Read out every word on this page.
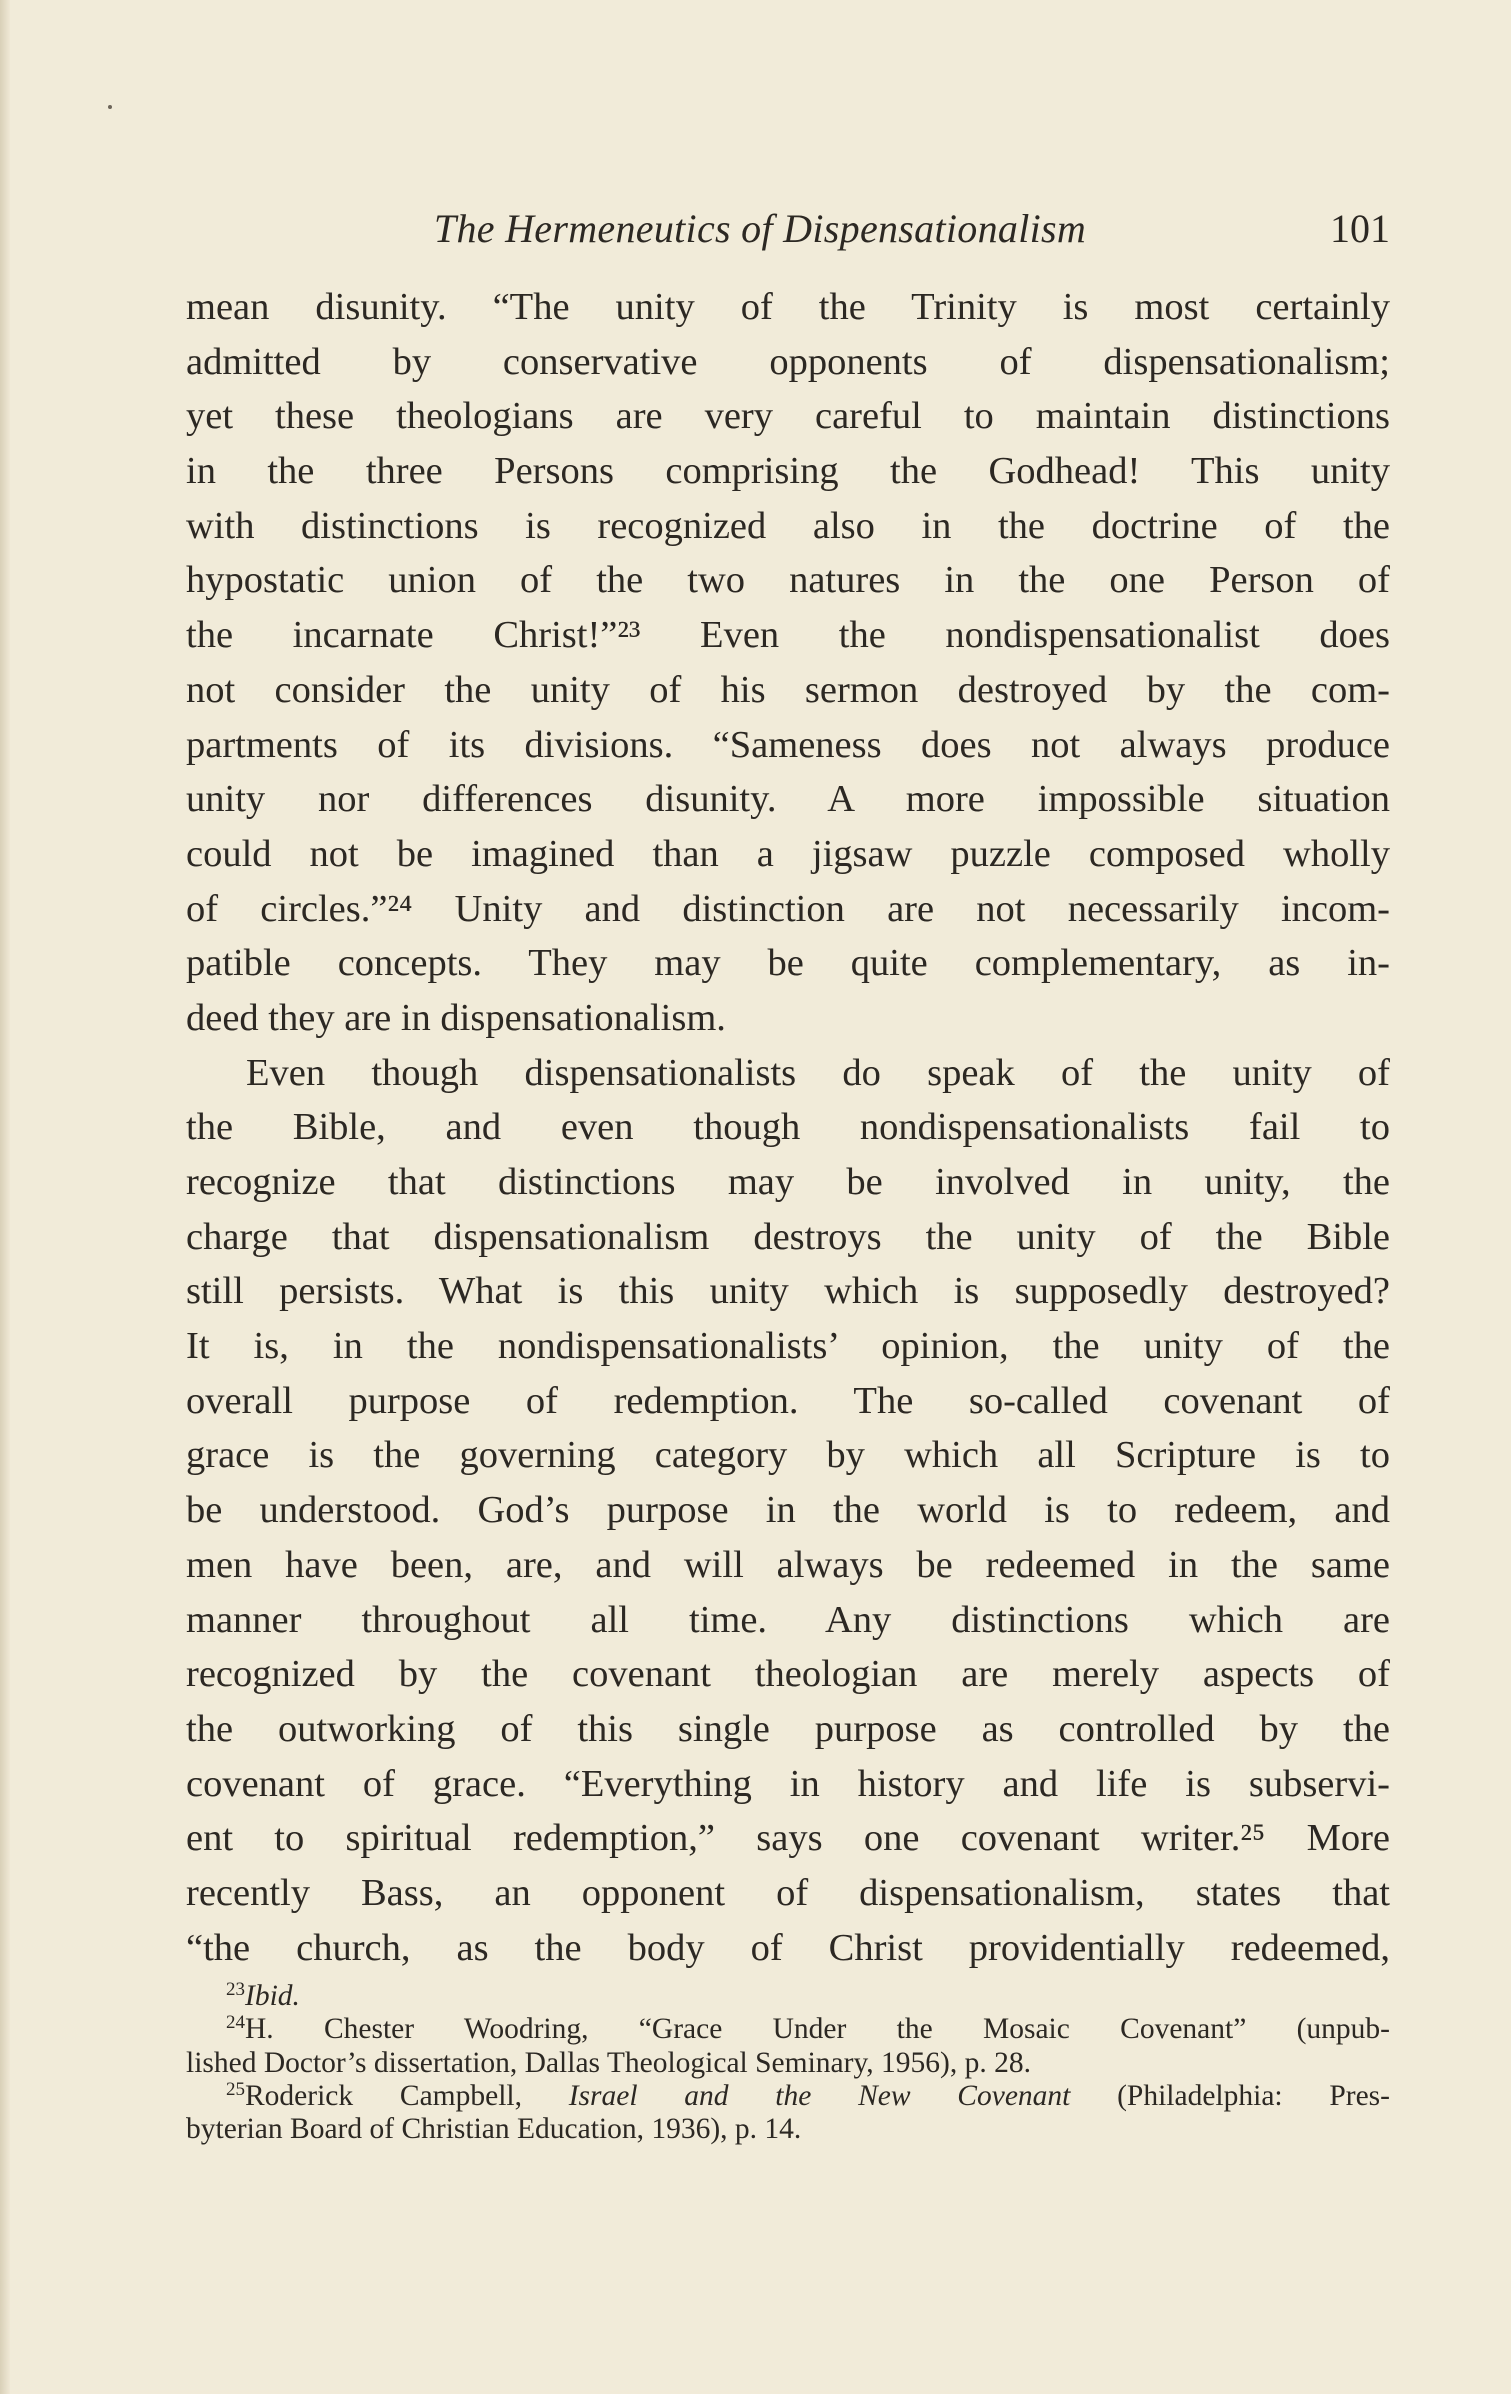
The Hermeneutics of Dispensationalism	101
mean disunity. “The unity of the Trinity is most certainly
admitted by conservative opponents of dispensationalism;
yet these theologians are very careful to maintain distinctions
in the three Persons comprising the Godhead! This unity
with distinctions is recognized also in the doctrine of the
hypostatic union of the two natures in the one Person of
the incarnate Christ!”²³ Even the nondispensationalist does
not consider the unity of his sermon destroyed by the com-
partments of its divisions. “Sameness does not always produce
unity nor differences disunity. A more impossible situation
could not be imagined than a jigsaw puzzle composed wholly
of circles.”²⁴ Unity and distinction are not necessarily incom-
patible concepts. They may be quite complementary, as in-
deed they are in dispensationalism.
Even though dispensationalists do speak of the unity of
the Bible, and even though nondispensationalists fail to
recognize that distinctions may be involved in unity, the
charge that dispensationalism destroys the unity of the Bible
still persists. What is this unity which is supposedly destroyed?
It is, in the nondispensationalists’ opinion, the unity of the
overall purpose of redemption. The so-called covenant of
grace is the governing category by which all Scripture is to
be understood. God’s purpose in the world is to redeem, and
men have been, are, and will always be redeemed in the same
manner throughout all time. Any distinctions which are
recognized by the covenant theologian are merely aspects of
the outworking of this single purpose as controlled by the
covenant of grace. “Everything in history and life is subservi-
ent to spiritual redemption,” says one covenant writer.²⁵ More
recently Bass, an opponent of dispensationalism, states that
“the church, as the body of Christ providentially redeemed,
$^{23}$Ibid.
$^{24}$H. Chester Woodring, “Grace Under the Mosaic Covenant” (unpub-
lished Doctor’s dissertation, Dallas Theological Seminary, 1956), p. 28.
$^{25}$Roderick Campbell, Israel and the New Covenant (Philadelphia: Pres-
byterian Board of Christian Education, 1936), p. 14.
